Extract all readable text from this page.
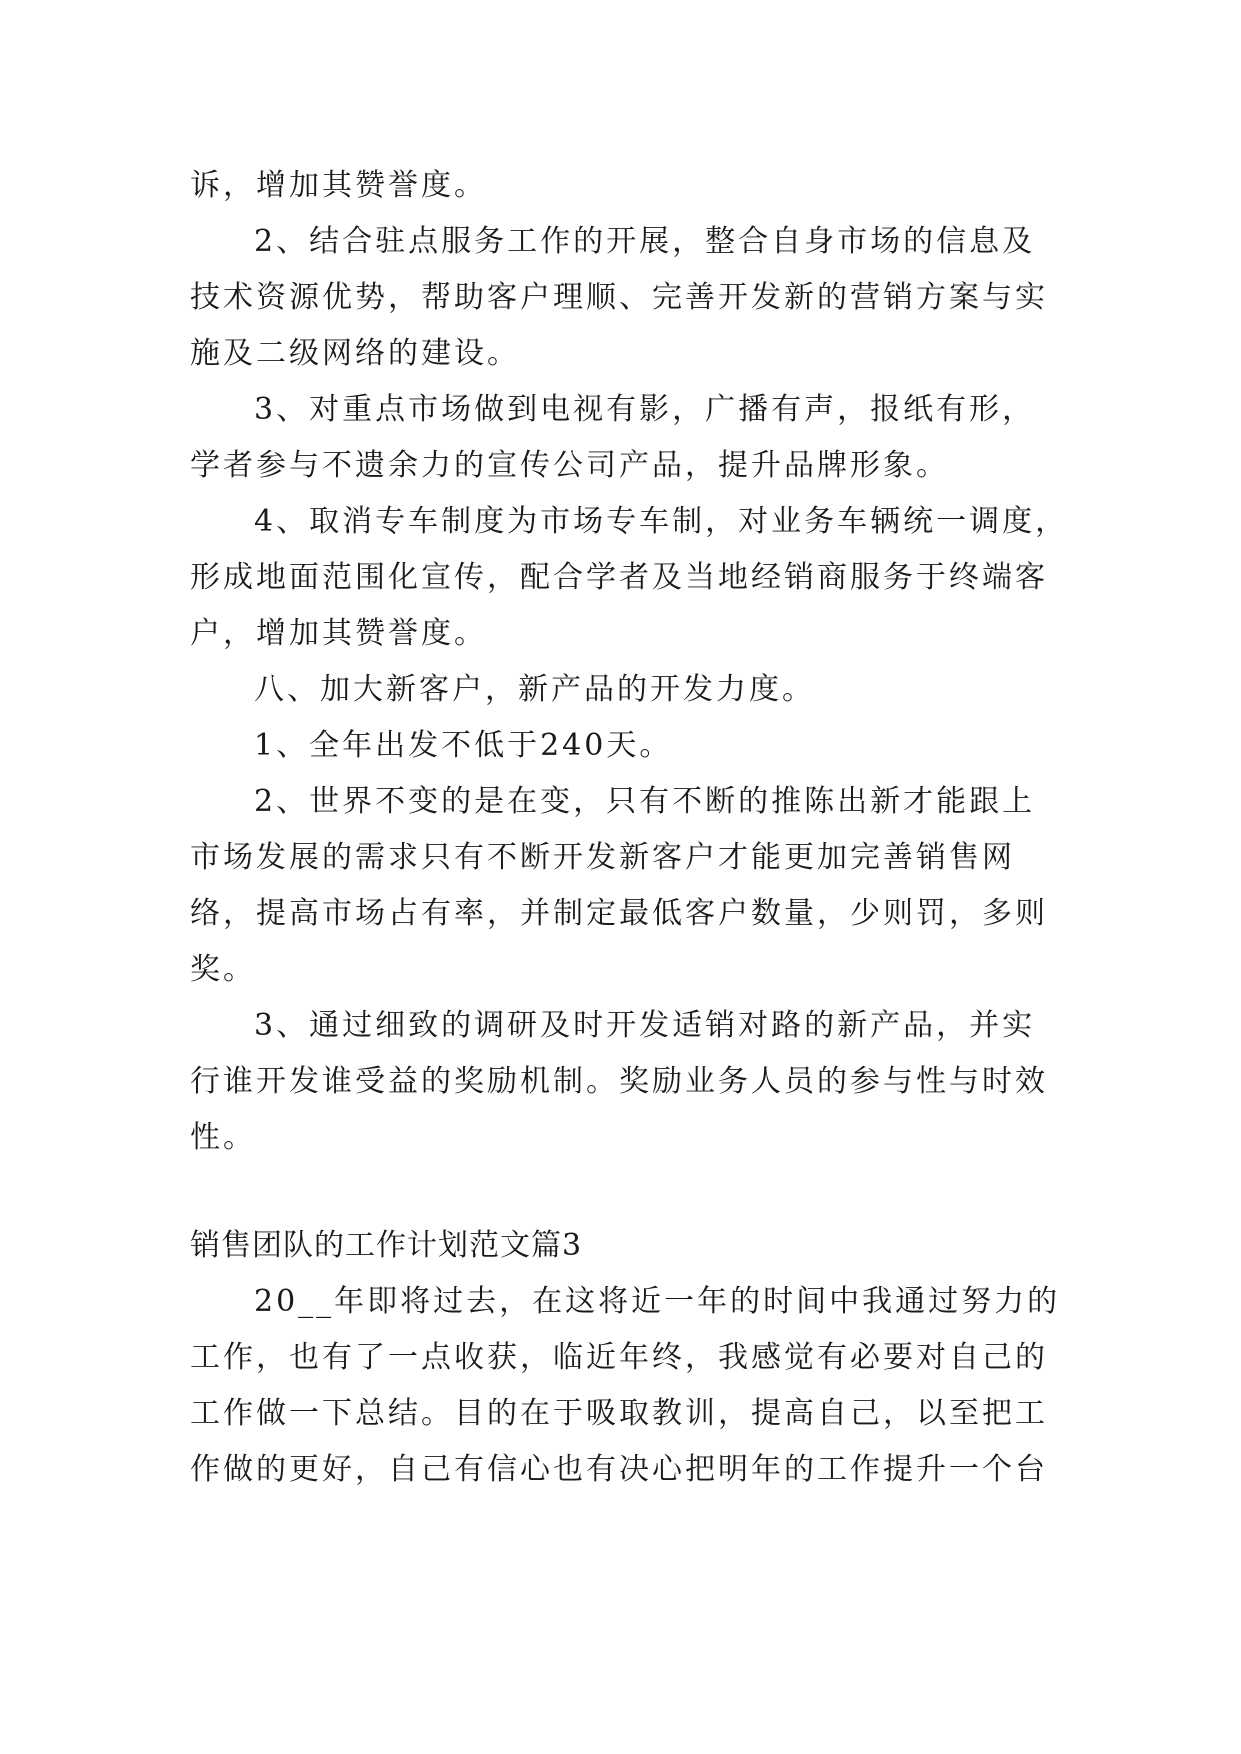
诉，增加其赞誉度。
2、结合驻点服务工作的开展，整合自身市场的信息及
技术资源优势，帮助客户理顺、完善开发新的营销方案与实
施及二级网络的建设。
3、对重点市场做到电视有影，广播有声，报纸有形，
学者参与不遗余力的宣传公司产品，提升品牌形象。
4、取消专车制度为市场专车制，对业务车辆统一调度，
形成地面范围化宣传，配合学者及当地经销商服务于终端客
户，增加其赞誉度。
八、加大新客户，新产品的开发力度。
1、全年出发不低于240天。
2、世界不变的是在变，只有不断的推陈出新才能跟上
市场发展的需求只有不断开发新客户才能更加完善销售网
络，提高市场占有率，并制定最低客户数量，少则罚，多则
奖。
3、通过细致的调研及时开发适销对路的新产品，并实
行谁开发谁受益的奖励机制。奖励业务人员的参与性与时效
性。
销售团队的工作计划范文篇3
20__年即将过去，在这将近一年的时间中我通过努力的
工作，也有了一点收获，临近年终，我感觉有必要对自己的
工作做一下总结。目的在于吸取教训，提高自己，以至把工
作做的更好，自己有信心也有决心把明年的工作提升一个台
